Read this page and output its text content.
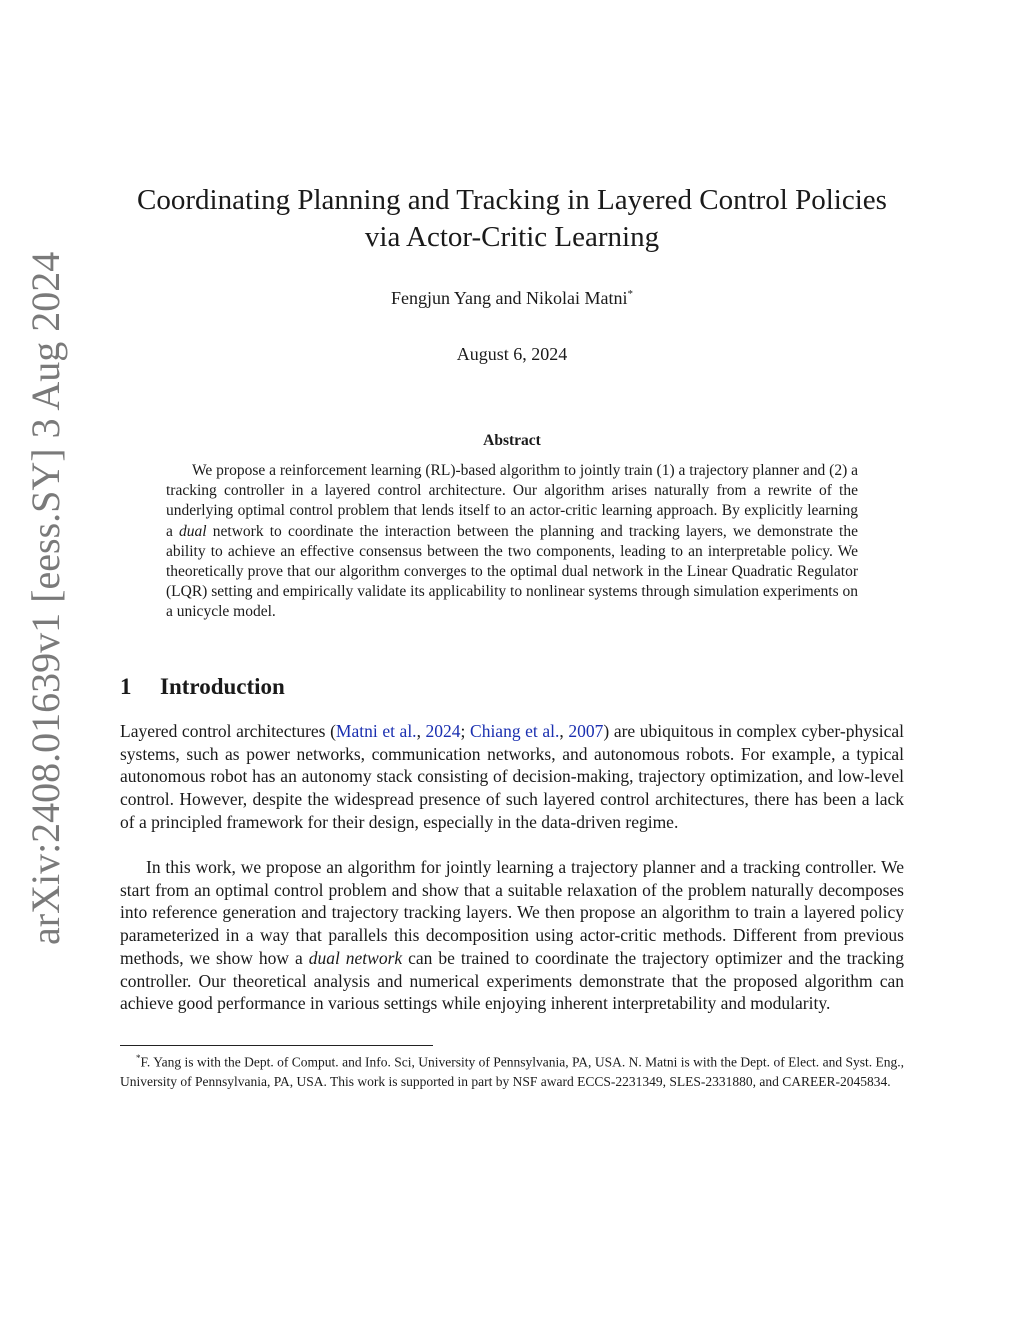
arXiv:2408.01639v1 [eess.SY] 3 Aug 2024
Coordinating Planning and Tracking in Layered Control Policies
via Actor-Critic Learning
Fengjun Yang and Nikolai Matni*
August 6, 2024
Abstract

We propose a reinforcement learning (RL)-based algorithm to jointly train (1) a trajectory planner and (2) a tracking controller in a layered control architecture. Our algorithm arises naturally from a rewrite of the underlying optimal control problem that lends itself to an actor-critic learning approach. By explicitly learning a dual network to coordinate the interaction between the planning and tracking layers, we demonstrate the ability to achieve an effective consensus between the two components, leading to an interpretable policy. We theoretically prove that our algorithm converges to the optimal dual network in the Linear Quadratic Regulator (LQR) setting and empirically validate its applicability to nonlinear systems through simulation experiments on a unicycle model.

1 Introduction

Layered control architectures (Matni et al., 2024; Chiang et al., 2007) are ubiquitous in complex cyber-physical systems, such as power networks, communication networks, and autonomous robots. For example, a typical autonomous robot has an autonomy stack consisting of decision-making, trajectory optimization, and low-level control. However, despite the widespread presence of such layered control architectures, there has been a lack of a principled framework for their design, especially in the data-driven regime.

In this work, we propose an algorithm for jointly learning a trajectory planner and a tracking controller. We start from an optimal control problem and show that a suitable relaxation of the problem naturally decomposes into reference generation and trajectory tracking layers. We then propose an algorithm to train a layered policy parameterized in a way that parallels this decomposition using actor-critic methods. Different from previous methods, we show how a dual network can be trained to coordinate the trajectory optimizer and the tracking controller. Our theoretical analysis and numerical experiments demonstrate that the proposed algorithm can achieve good performance in various settings while enjoying inherent interpretability and modularity.

*F. Yang is with the Dept. of Comput. and Info. Sci, University of Pennsylvania, PA, USA. N. Matni is with the Dept. of Elect. and Syst. Eng., University of Pennsylvania, PA, USA. This work is supported in part by NSF award ECCS-2231349, SLES-2331880, and CAREER-2045834.
